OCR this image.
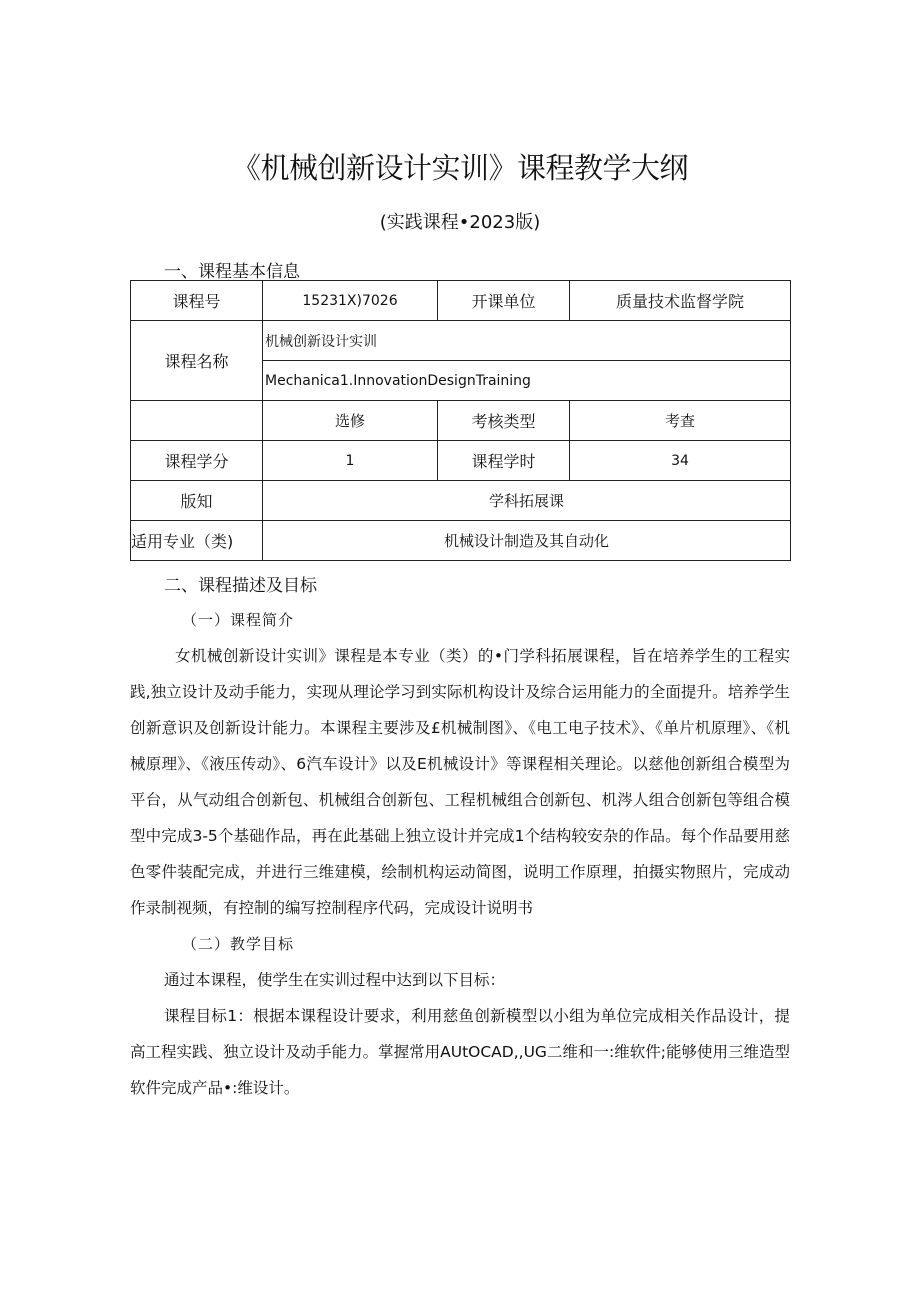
《机械创新设计实训》课程教学大纲
(实践课程•2023版)
一、课程基本信息
课程号	15231X)7026	开课单位	质量技术监督学院
课程名称	机械创新设计实训		
	Mechanica1.InnovationDesignTraining		
	选修	考核类型	考查
课程学分	1	课程学时	34
版知	学科拓展课		
适用专业（类)	机械设计制造及其自动化		
二、课程描述及目标
（一）课程简介

女机械创新设计实训》课程是本专业（类）的•门学科拓展课程，旨在培养学生的工程实践,独立设计及动手能力，实现从理论学习到实际机构设计及综合运用能力的全面提升。培养学生创新意识及创新设计能力。本课程主要涉及£机械制图》、《电工电子技术》、《单片机原理》、《机械原理》、《液压传动》、6汽车设计》以及E机械设计》等课程相关理论。以慈他创新组合模型为平台，从气动组合创新包、机械组合创新包、工程机械组合创新包、机涔人组合创新包等组合模型中完成3-5个基础作品，再在此基础上独立设计并完成1个结构较安杂的作品。每个作品要用慈色零件装配完成，并进行三维建模，绘制机构运动简图，说明工作原理，拍摄实物照片，完成动作录制视频，有控制的编写控制程序代码，完成设计说明书

（二）教学目标

通过本课程，使学生在实训过程中达到以下目标：

课程目标1：根据本课程设计要求，利用慈鱼创新模型以小组为单位完成相关作品设计，提高工程实践、独立设计及动手能力。掌握常用AUtOCAD,,UG二维和一:维软件;能够使用三维造型软件完成产品•:维设计。
